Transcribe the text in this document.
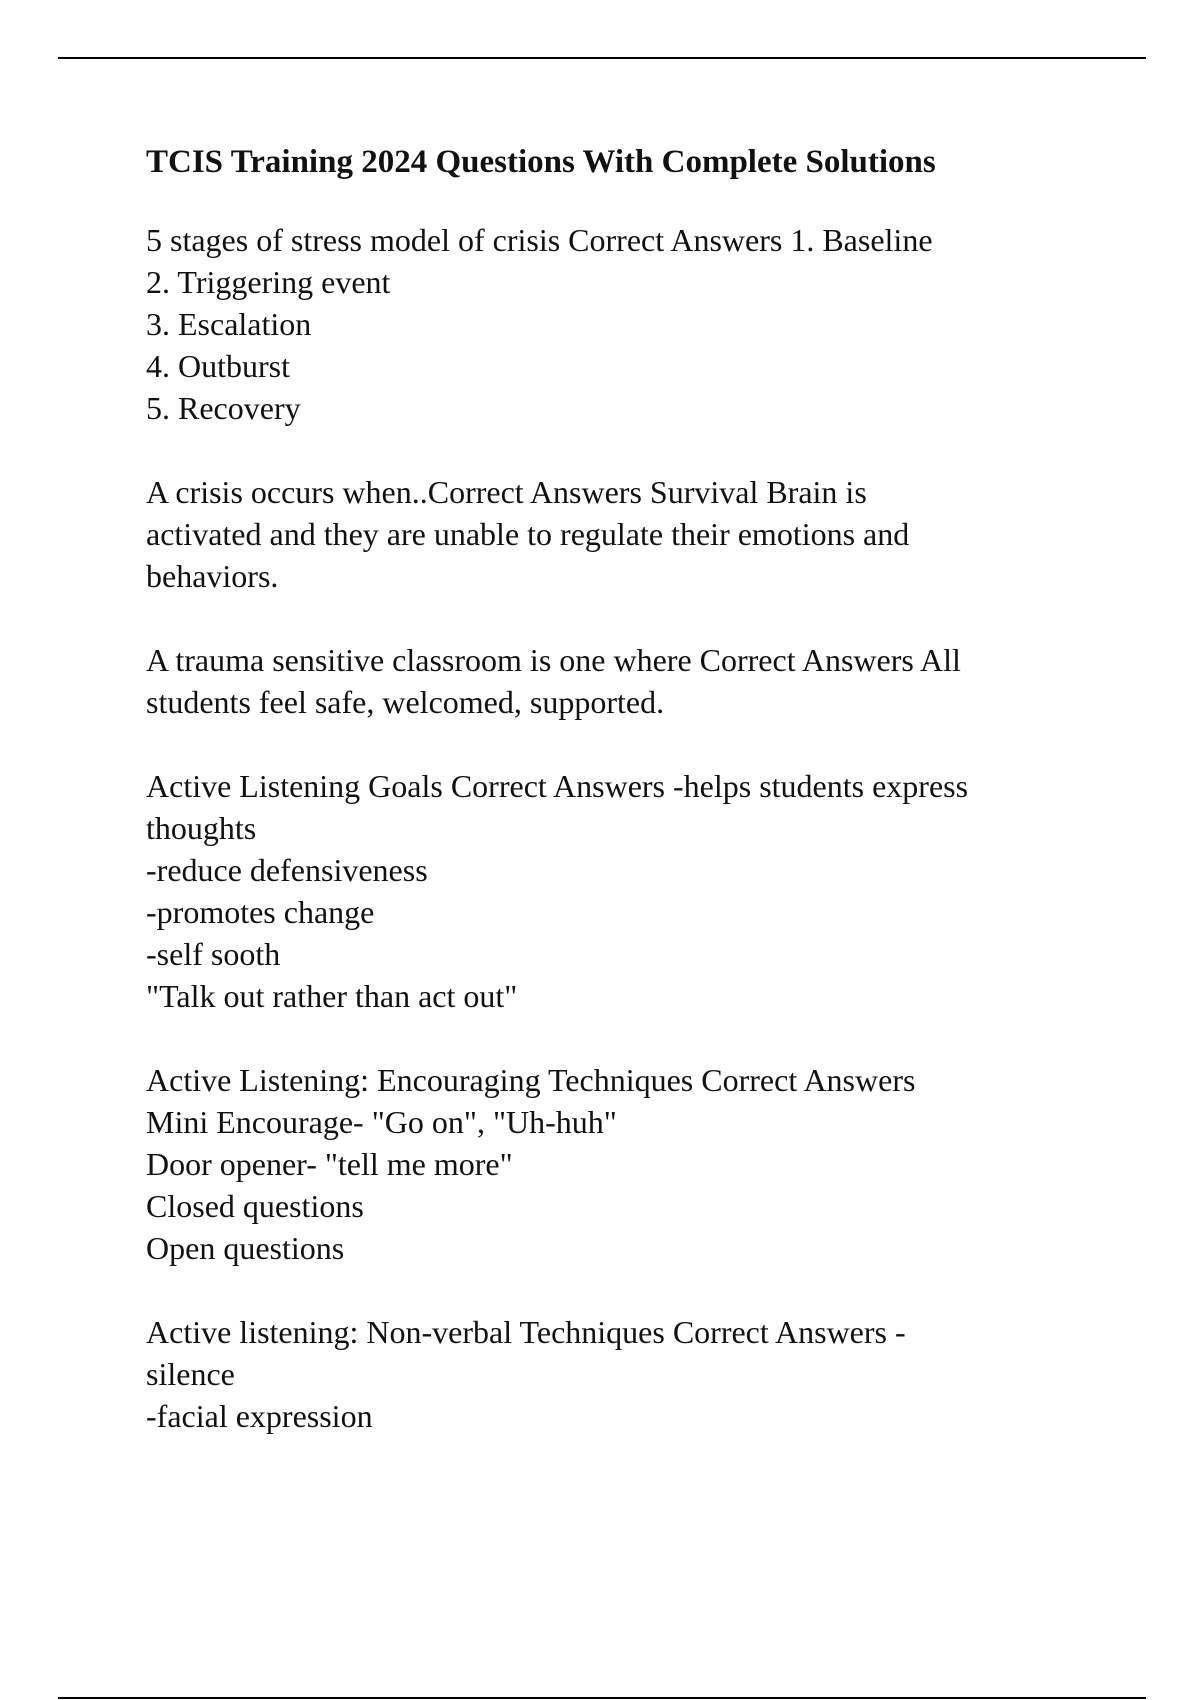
TCIS Training 2024 Questions With Complete Solutions
5 stages of stress model of crisis Correct Answers 1. Baseline
2. Triggering event
3. Escalation
4. Outburst
5. Recovery
A crisis occurs when..Correct Answers Survival Brain is
activated and they are unable to regulate their emotions and
behaviors.
A trauma sensitive classroom is one where Correct Answers All
students feel safe, welcomed, supported.
Active Listening Goals Correct Answers -helps students express
thoughts
-reduce defensiveness
-promotes change
-self sooth
"Talk out rather than act out"
Active Listening: Encouraging Techniques Correct Answers
Mini Encourage- "Go on", "Uh-huh"
Door opener- "tell me more"
Closed questions
Open questions
Active listening: Non-verbal Techniques Correct Answers -
silence
-facial expression
